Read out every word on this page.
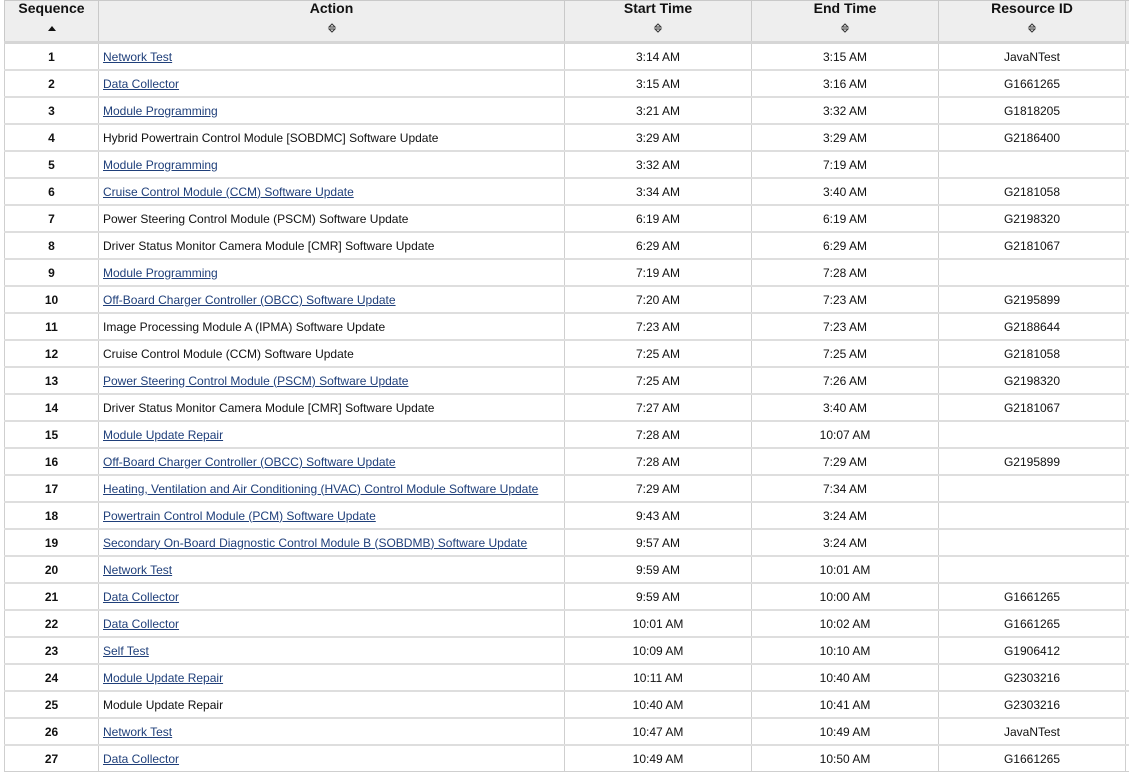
Sequence	Action	Start Time	End Time	Resource ID	

1	Network Test	3:14 AM	3:15 AM	JavaNTest	
2	Data Collector	3:15 AM	3:16 AM	G1661265	
3	Module Programming	3:21 AM	3:32 AM	G1818205	
4	Hybrid Powertrain Control Module [SOBDMC] Software Update	3:29 AM	3:29 AM	G2186400	
5	Module Programming	3:32 AM	7:19 AM		
6	Cruise Control Module (CCM) Software Update	3:34 AM	3:40 AM	G2181058	
7	Power Steering Control Module (PSCM) Software Update	6:19 AM	6:19 AM	G2198320	
8	Driver Status Monitor Camera Module [CMR] Software Update	6:29 AM	6:29 AM	G2181067	
9	Module Programming	7:19 AM	7:28 AM		
10	Off-Board Charger Controller (OBCC) Software Update	7:20 AM	7:23 AM	G2195899	
11	Image Processing Module A (IPMA) Software Update	7:23 AM	7:23 AM	G2188644	
12	Cruise Control Module (CCM) Software Update	7:25 AM	7:25 AM	G2181058	
13	Power Steering Control Module (PSCM) Software Update	7:25 AM	7:26 AM	G2198320	
14	Driver Status Monitor Camera Module [CMR] Software Update	7:27 AM	3:40 AM	G2181067	
15	Module Update Repair	7:28 AM	10:07 AM		
16	Off-Board Charger Controller (OBCC) Software Update	7:28 AM	7:29 AM	G2195899	
17	Heating, Ventilation and Air Conditioning (HVAC) Control Module Software Update	7:29 AM	7:34 AM		
18	Powertrain Control Module (PCM) Software Update	9:43 AM	3:24 AM		
19	Secondary On-Board Diagnostic Control Module B (SOBDMB) Software Update	9:57 AM	3:24 AM		
20	Network Test	9:59 AM	10:01 AM		
21	Data Collector	9:59 AM	10:00 AM	G1661265	
22	Data Collector	10:01 AM	10:02 AM	G1661265	
23	Self Test	10:09 AM	10:10 AM	G1906412	
24	Module Update Repair	10:11 AM	10:40 AM	G2303216	
25	Module Update Repair	10:40 AM	10:41 AM	G2303216	
26	Network Test	10:47 AM	10:49 AM	JavaNTest	
27	Data Collector	10:49 AM	10:50 AM	G1661265	
